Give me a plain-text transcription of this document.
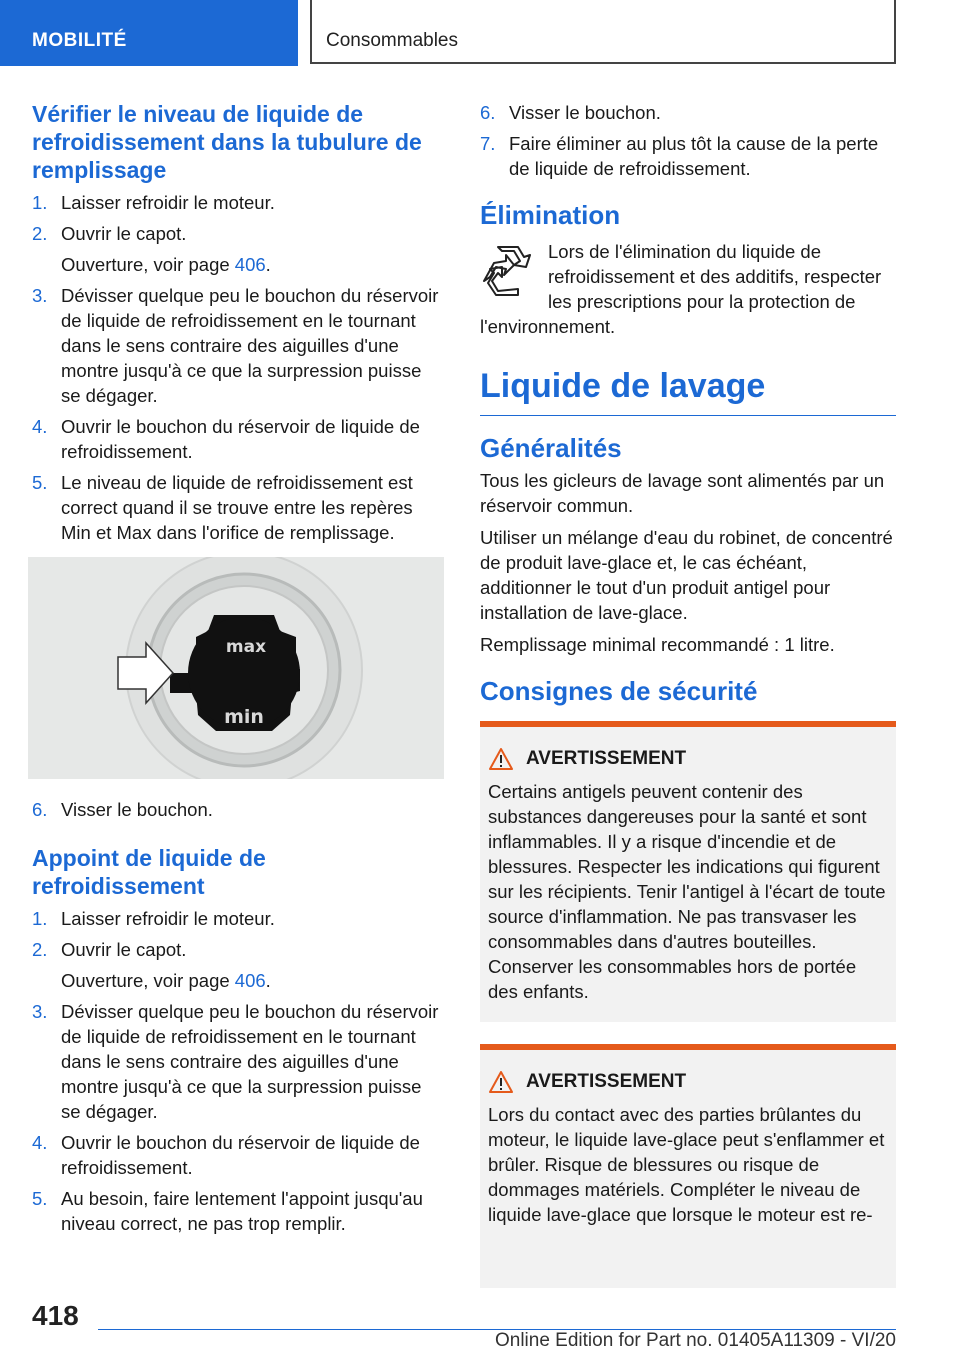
MOBILITÉ	Consommables
Vérifier le niveau de liquide de refroidissement dans la tubulure de remplissage
1. Laisser refroidir le moteur.
2. Ouvrir le capot.
Ouverture, voir page 406.
3. Dévisser quelque peu le bouchon du réservoir de liquide de refroidissement en le tournant dans le sens contraire des aiguilles d'une montre jusqu'à ce que la surpression puisse se dégager.
4. Ouvrir le bouchon du réservoir de liquide de refroidissement.
5. Le niveau de liquide de refroidissement est correct quand il se trouve entre les repères Min et Max dans l'orifice de remplissage.
max
min
6. Visser le bouchon.
Appoint de liquide de refroidissement
1. Laisser refroidir le moteur.
2. Ouvrir le capot.
Ouverture, voir page 406.
3. Dévisser quelque peu le bouchon du réservoir de liquide de refroidissement en le tournant dans le sens contraire des aiguilles d'une montre jusqu'à ce que la surpression puisse se dégager.
4. Ouvrir le bouchon du réservoir de liquide de refroidissement.
5. Au besoin, faire lentement l'appoint jusqu'au niveau correct, ne pas trop remplir.
6. Visser le bouchon.
7. Faire éliminer au plus tôt la cause de la perte de liquide de refroidissement.
Élimination

Lors de l'élimination du liquide de refroidissement et des additifs, respecter les prescriptions pour la protection de l'environnement.

Liquide de lavage
Généralités

Tous les gicleurs de lavage sont alimentés par un réservoir commun.

Utiliser un mélange d'eau du robinet, de concentré de produit lave-glace et, le cas échéant, additionner le tout d'un produit antigel pour installation de lave-glace.

Remplissage minimal recommandé : 1 litre.

Consignes de sécurité
AVERTISSEMENT

Certains antigels peuvent contenir des substances dangereuses pour la santé et sont inflammables. Il y a risque d'incendie et de blessures. Respecter les indications qui figurent sur les récipients. Tenir l'antigel à l'écart de toute source d'inflammation. Ne pas transvaser les consommables dans d'autres bouteilles. Conserver les consommables hors de portée des enfants.

AVERTISSEMENT

Lors du contact avec des parties brûlantes du moteur, le liquide lave-glace peut s'enflammer et brûler. Risque de blessures ou risque de dommages matériels. Compléter le niveau de liquide lave-glace que lorsque le moteur est re-

418
Online Edition for Part no. 01405A11309 - VI/20
